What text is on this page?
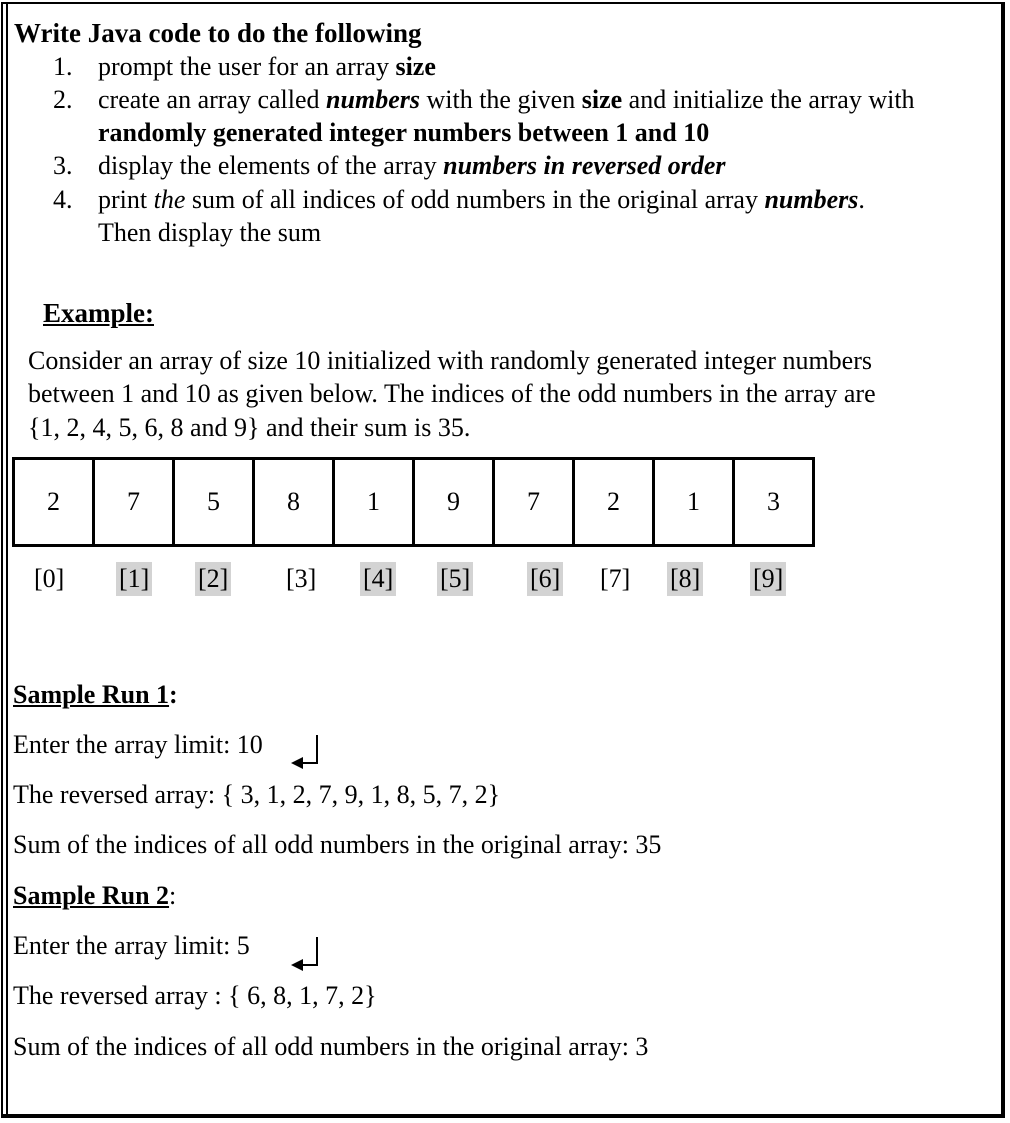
Write Java code to do the following
1. prompt the user for an array size
2. create an array called numbers with the given size and initialize the array with
randomly generated integer numbers between 1 and 10
3. display the elements of the array numbers in reversed order
4. print the sum of all indices of odd numbers in the original array numbers.
Then display the sum
Example:
Consider an array of size 10 initialized with randomly generated integer numbers
between 1 and 10 as given below. The indices of the odd numbers in the array are
{1, 2, 4, 5, 6, 8 and 9} and their sum is 35.
2	7	5	8	1	9	7	2	1	3
[0] [1] [2] [3] [4] [5] [6] [7] [8] [9]
Sample Run 1:
Enter the array limit: 10
The reversed array: { 3, 1, 2, 7, 9, 1, 8, 5, 7, 2}
Sum of the indices of all odd numbers in the original array: 35
Sample Run 2:
Enter the array limit: 5
The reversed array : { 6, 8, 1, 7, 2}
Sum of the indices of all odd numbers in the original array: 3
